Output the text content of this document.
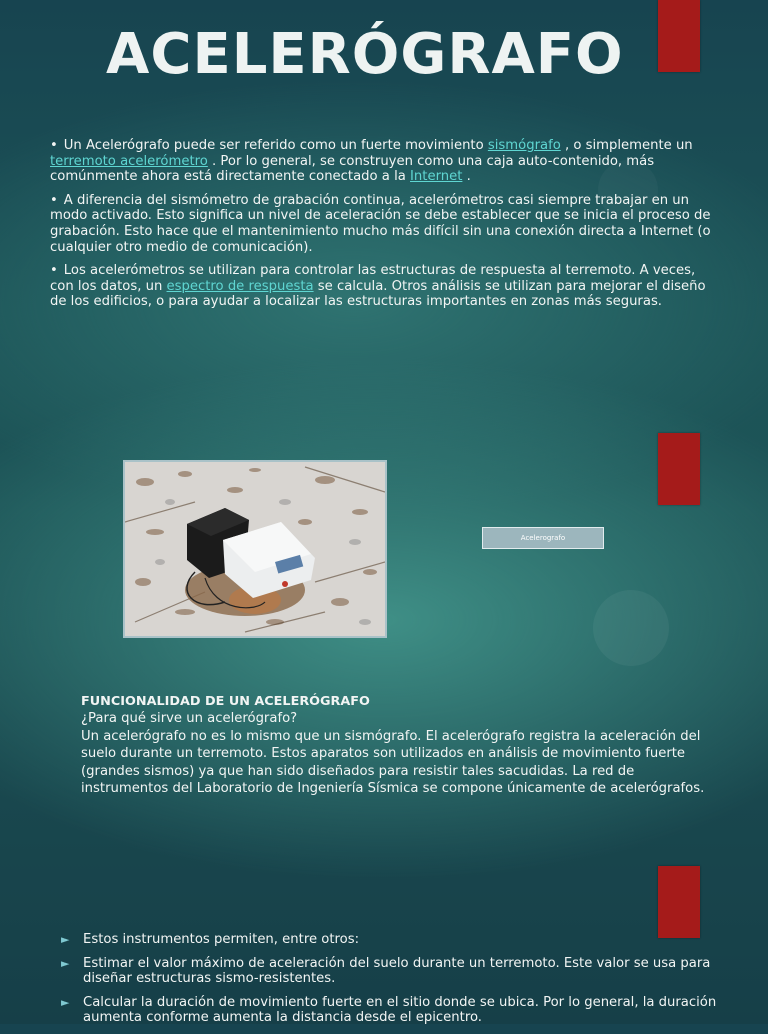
ACELERÓGRAFO
• Un Acelerógrafo puede ser referido como un fuerte movimiento sismógrafo , o simplemente un terremoto acelerómetro . Por lo general, se construyen como una caja auto-contenido, más comúnmente ahora está directamente conectado a la Internet .
• A diferencia del sismómetro de grabación continua, acelerómetros casi siempre trabajar en un modo activado. Esto significa un nivel de aceleración se debe establecer que se inicia el proceso de grabación. Esto hace que el mantenimiento mucho más difícil sin una conexión directa a Internet (o cualquier otro medio de comunicación).
• Los acelerómetros se utilizan para controlar las estructuras de respuesta al terremoto. A veces, con los datos, un espectro de respuesta se calcula. Otros análisis se utilizan para mejorar el diseño de los edificios, o para ayudar a localizar las estructuras importantes en zonas más seguras.
Acelerografo
FUNCIONALIDAD DE UN ACELERÓGRAFO
¿Para qué sirve un acelerógrafo?
Un acelerógrafo no es lo mismo que un sismógrafo. El acelerógrafo registra la aceleración del suelo durante un terremoto. Estos aparatos son utilizados en análisis de movimiento fuerte (grandes sismos) ya que han sido diseñados para resistir tales sacudidas. La red de instrumentos del Laboratorio de Ingeniería Sísmica se compone únicamente de acelerógrafos.
► Estos instrumentos permiten, entre otros:
► Estimar el valor máximo de aceleración del suelo durante un terremoto. Este valor se usa para diseñar estructuras sismo-resistentes.
► Calcular la duración de movimiento fuerte en el sitio donde se ubica. Por lo general, la duración aumenta conforme aumenta la distancia desde el epicentro.
